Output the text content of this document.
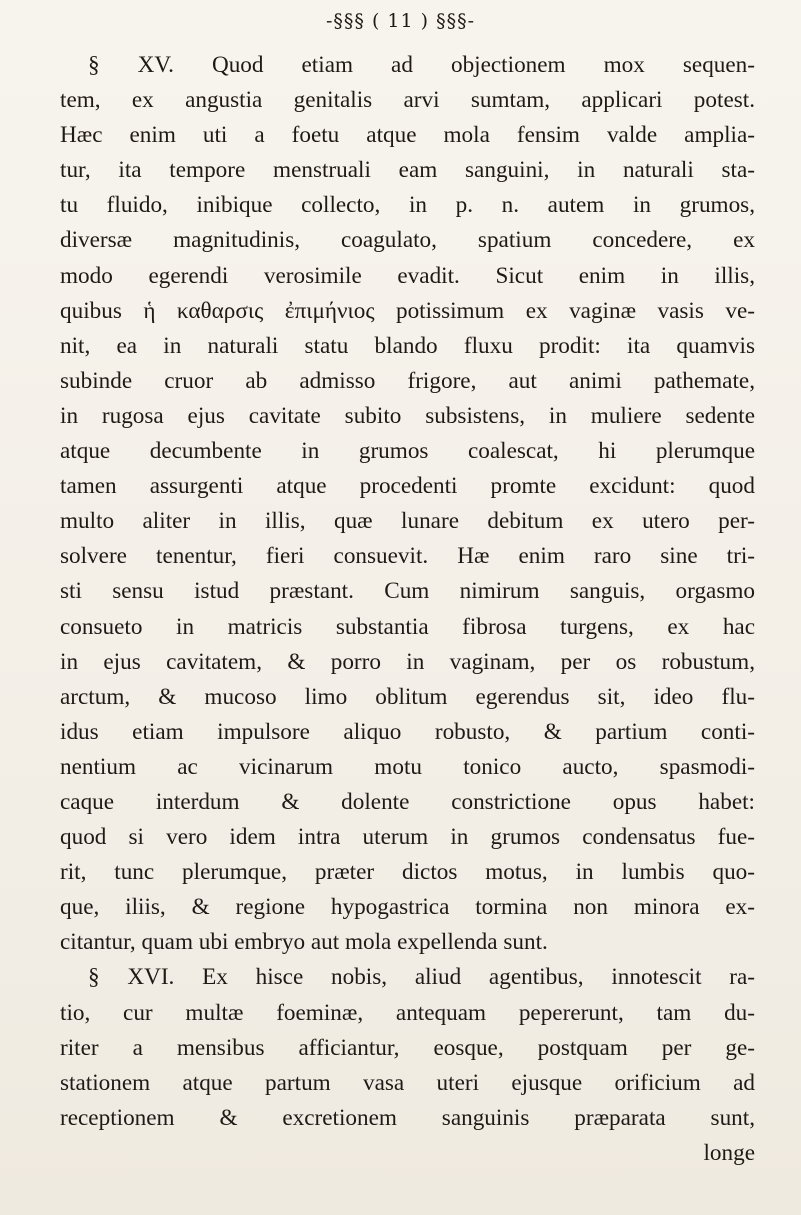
-§§§ ( 11 ) §§§-
§ XV. Quod etiam ad objectionem mox sequen-
tem, ex angustia genitalis arvi sumtam, applicari potest.
Hæc enim uti a foetu atque mola fensim valde amplia-
tur, ita tempore menstruali eam sanguini, in naturali sta-
tu fluido, inibique collecto, in p. n. autem in grumos,
diversæ magnitudinis, coagulato, spatium concedere, ex
modo egerendi verosimile evadit. Sicut enim in illis,
quibus ἡ καθαρσις ἐπιμήνιος potissimum ex vaginæ vasis ve-
nit, ea in naturali statu blando fluxu prodit: ita quamvis
subinde cruor ab admisso frigore, aut animi pathemate,
in rugosa ejus cavitate subito subsistens, in muliere sedente
atque decumbente in grumos coalescat, hi plerumque
tamen assurgenti atque procedenti promte excidunt: quod
multo aliter in illis, quæ lunare debitum ex utero per-
solvere tenentur, fieri consuevit. Hæ enim raro sine tri-
sti sensu istud præstant. Cum nimirum sanguis, orgasmo
consueto in matricis substantia fibrosa turgens, ex hac
in ejus cavitatem, & porro in vaginam, per os robustum,
arctum, & mucoso limo oblitum egerendus sit, ideo flu-
idus etiam impulsore aliquo robusto, & partium conti-
nentium ac vicinarum motu tonico aucto, spasmodi-
caque interdum & dolente constrictione opus habet:
quod si vero idem intra uterum in grumos condensatus fue-
rit, tunc plerumque, præter dictos motus, in lumbis quo-
que, iliis, & regione hypogastrica tormina non minora ex-
citantur, quam ubi embryo aut mola expellenda sunt.
§ XVI. Ex hisce nobis, aliud agentibus, innotescit ra-
tio, cur multæ foeminæ, antequam pepererunt, tam du-
riter a mensibus afficiantur, eosque, postquam per ge-
stationem atque partum vasa uteri ejusque orificium ad
receptionem & excretionem sanguinis præparata sunt,
longe
